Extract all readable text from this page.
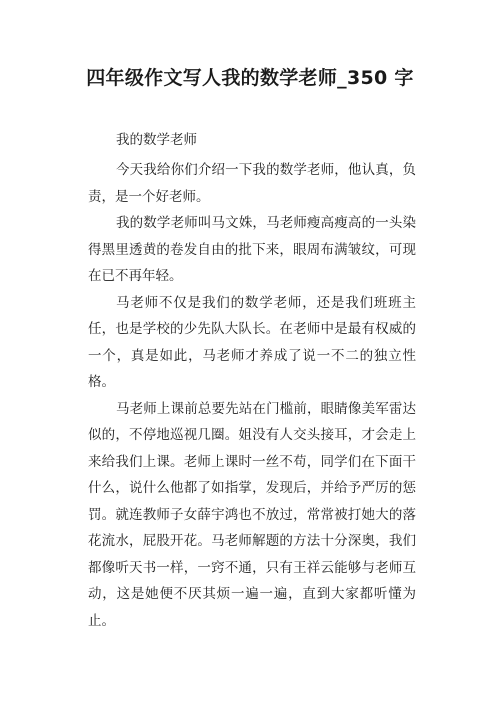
四年级作文写人我的数学老师_350 字

我的数学老师

今天我给你们介绍一下我的数学老师，他认真，负责，是一个好老师。

我的数学老师叫马文姝，马老师瘦高瘦高的一头染得黑里透黄的卷发自由的批下来，眼周布满皱纹，可现在已不再年轻。

马老师不仅是我们的数学老师，还是我们班班主任，也是学校的少先队大队长。在老师中是最有权威的一个，真是如此，马老师才养成了说一不二的独立性格。

马老师上课前总要先站在门槛前，眼睛像美军雷达似的，不停地巡视几圈。姐没有人交头接耳，才会走上来给我们上课。老师上课时一丝不苟，同学们在下面干什么，说什么他都了如指掌，发现后，并给予严厉的惩罚。就连教师子女薛宇鸿也不放过，常常被打她大的落花流水，屁股开花。马老师解题的方法十分深奥，我们都像听天书一样，一窍不通，只有王祥云能够与老师互动，这是她便不厌其烦一遍一遍，直到大家都听懂为止。
